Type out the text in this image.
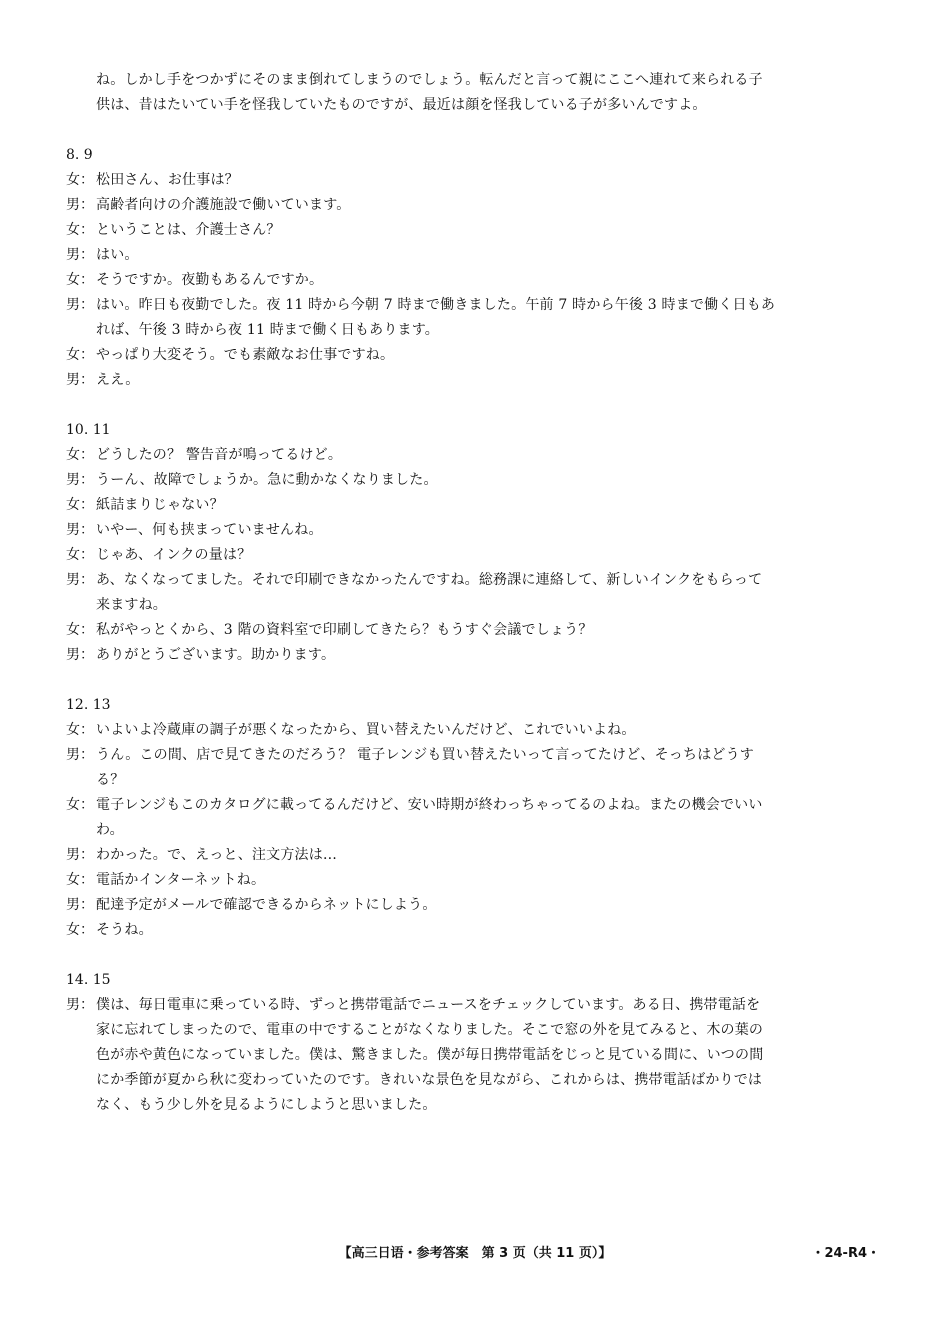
ね。しかし手をつかずにそのまま倒れてしまうのでしょう。転んだと言って親にここへ連れて来られる子
供は、昔はたいてい手を怪我していたものですが、最近は顔を怪我している子が多いんですよ。
8. 9
女： 松田さん、お仕事は？
男： 高齢者向けの介護施設で働いています。
女： ということは、介護士さん？
男： はい。
女： そうですか。夜勤もあるんですか。
男： はい。昨日も夜勤でした。夜 11 時から今朝 7 時まで働きました。午前 7 時から午後 3 時まで働く日もあ
れば、午後 3 時から夜 11 時まで働く日もあります。
女： やっぱり大変そう。でも素敵なお仕事ですね。
男： ええ。
10. 11
女： どうしたの？ 警告音が鳴ってるけど。
男： うーん、故障でしょうか。急に動かなくなりました。
女： 紙詰まりじゃない？
男： いやー、何も挟まっていませんね。
女： じゃあ、インクの量は？
男： あ、なくなってました。それで印刷できなかったんですね。総務課に連絡して、新しいインクをもらって
来ますね。
女： 私がやっとくから、3 階の資料室で印刷してきたら？もうすぐ会議でしょう？
男： ありがとうございます。助かります。
12. 13
女： いよいよ冷蔵庫の調子が悪くなったから、買い替えたいんだけど、これでいいよね。
男： うん。この間、店で見てきたのだろう？ 電子レンジも買い替えたいって言ってたけど、そっちはどうす
る？
女： 電子レンジもこのカタログに載ってるんだけど、安い時期が終わっちゃってるのよね。またの機会でいい
わ。
男： わかった。で、えっと、注文方法は…
女： 電話かインターネットね。
男： 配達予定がメールで確認できるからネットにしよう。
女： そうね。
14. 15
男： 僕は、毎日電車に乗っている時、ずっと携帯電話でニュースをチェックしています。ある日、携帯電話を
家に忘れてしまったので、電車の中ですることがなくなりました。そこで窓の外を見てみると、木の葉の
色が赤や黄色になっていました。僕は、驚きました。僕が毎日携帯電話をじっと見ている間に、いつの間
にか季節が夏から秋に変わっていたのです。きれいな景色を見ながら、これからは、携帯電話ばかりでは
なく、もう少し外を見るようにしようと思いました。
【高三日语・参考答案　第 3 页（共 11 页）】	・24-R4・
